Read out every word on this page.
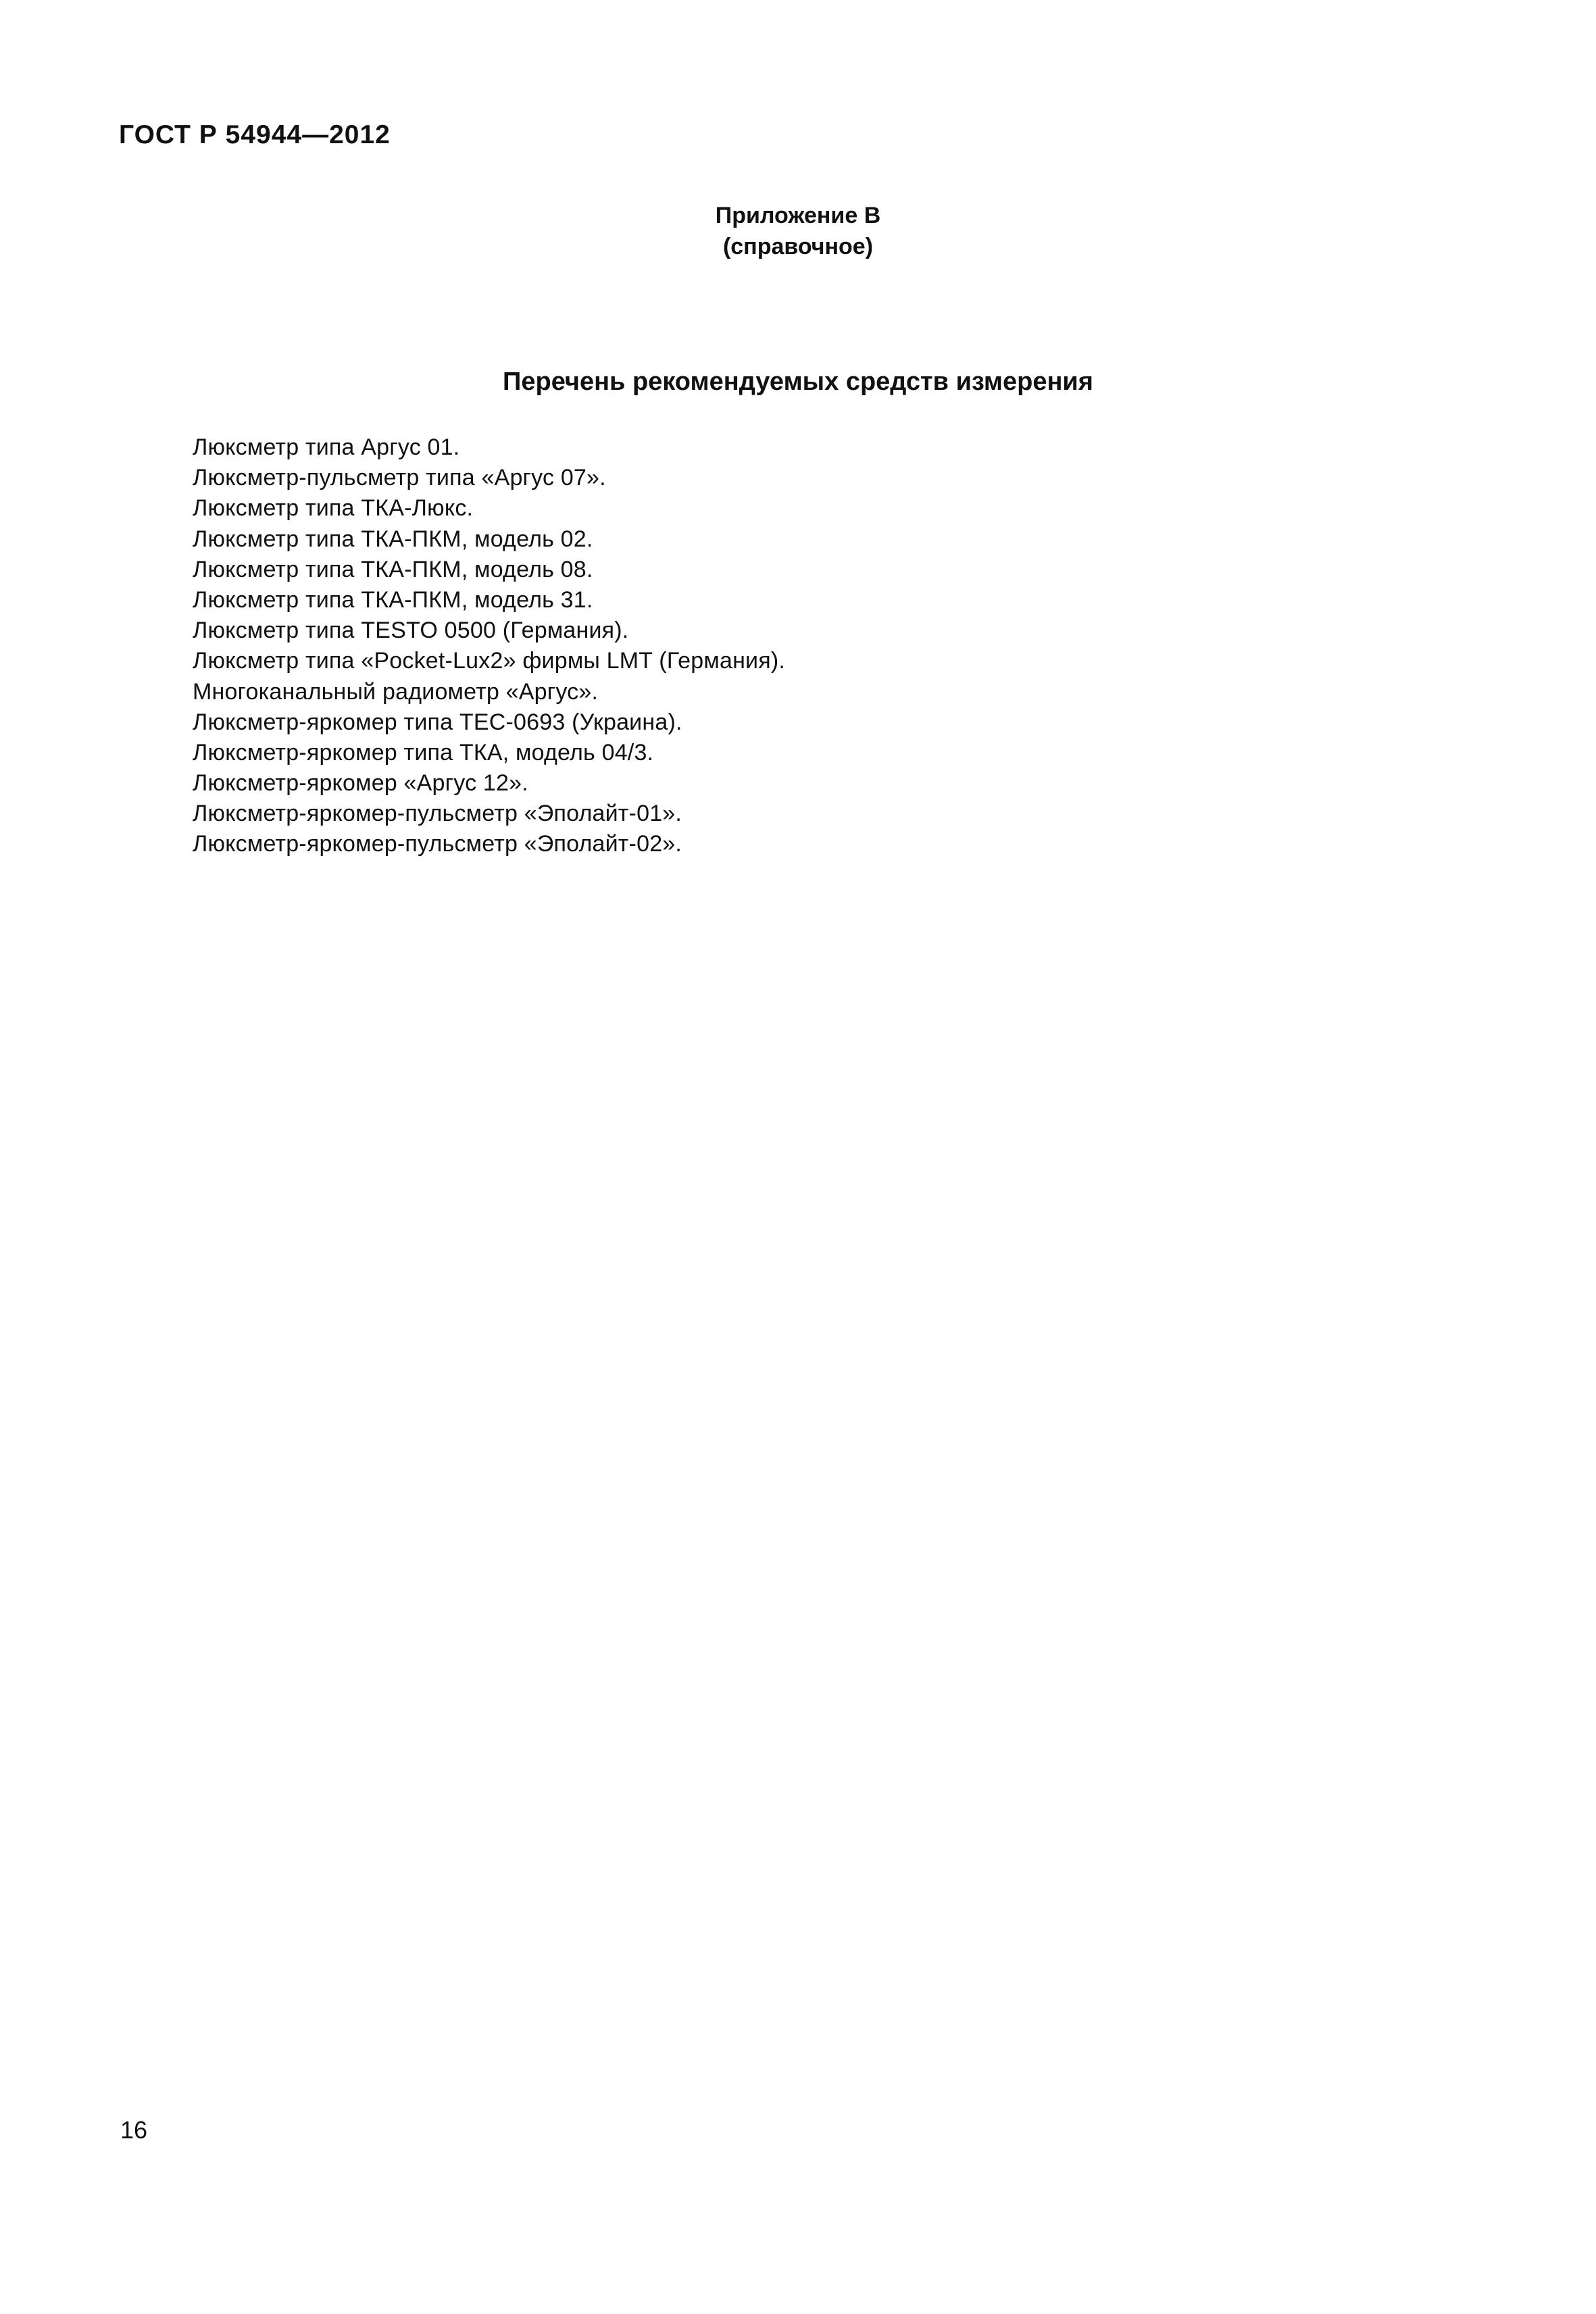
ГОСТ Р 54944—2012
Приложение В
(справочное)
Перечень рекомендуемых средств измерения
Люксметр типа Аргус 01.
Люксметр-пульсметр типа «Аргус 07».
Люксметр типа ТКА-Люкс.
Люксметр типа ТКА-ПКМ, модель 02.
Люксметр типа ТКА-ПКМ, модель 08.
Люксметр типа ТКА-ПКМ, модель 31.
Люксметр типа TESTO 0500 (Германия).
Люксметр типа «Pocket-Lux2» фирмы LMT (Германия).
Многоканальный радиометр «Аргус».
Люксметр-яркомер типа ТЕС-0693 (Украина).
Люксметр-яркомер типа ТКА, модель 04/3.
Люксметр-яркомер «Аргус 12».
Люксметр-яркомер-пульсметр «Эполайт-01».
Люксметр-яркомер-пульсметр «Эполайт-02».
16
